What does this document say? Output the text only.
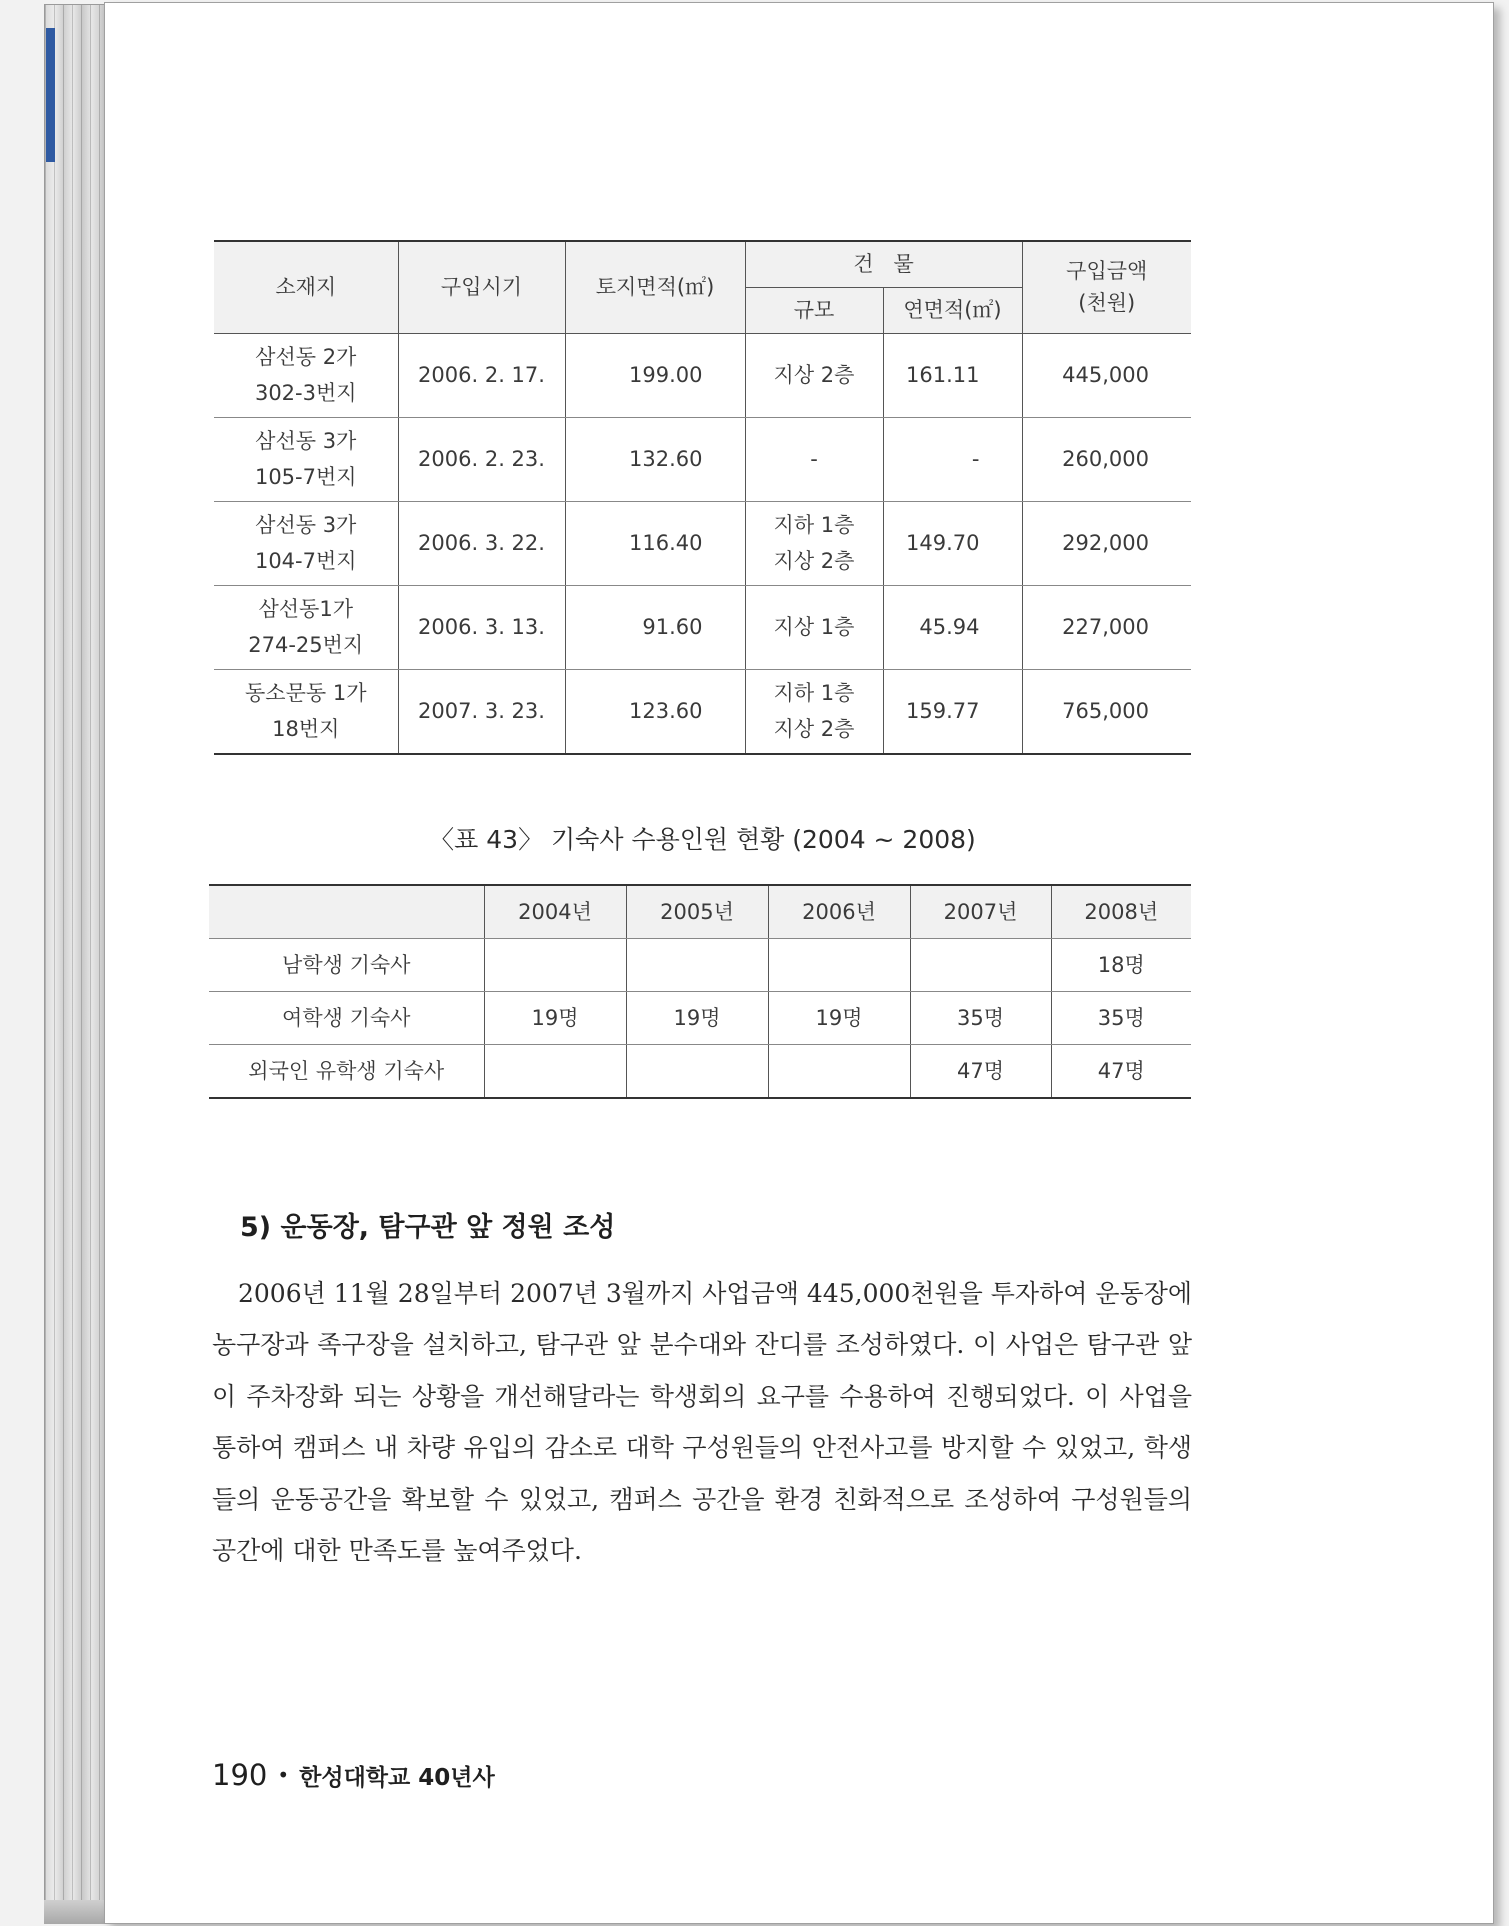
소재지	구입시기	토지면적(㎡)	건   물		구입금액
(천원)
			규모	연면적(㎡)	
삼선동 2가
302-3번지	2006. 2. 17.	199.00	지상 2층	161.11	445,000
삼선동 3가
105-7번지	2006. 2. 23.	132.60	-	-	260,000
삼선동 3가
104-7번지	2006. 3. 22.	116.40	지하 1층
지상 2층	149.70	292,000
삼선동1가
274-25번지	2006. 3. 13.	91.60	지상 1층	45.94	227,000
동소문동 1가
18번지	2007. 3. 23.	123.60	지하 1층
지상 2층	159.77	765,000
〈표 43〉 기숙사 수용인원 현황 (2004 ~ 2008)
	2004년	2005년	2006년	2007년	2008년
남학생 기숙사					18명
여학생 기숙사	19명	19명	19명	35명	35명
외국인 유학생 기숙사				47명	47명
5) 운동장, 탐구관 앞 정원 조성
2006년 11월 28일부터 2007년 3월까지 사업금액 445,000천원을 투자하여 운동장에 농구장과 족구장을 설치하고, 탐구관 앞 분수대와 잔디를 조성하였다. 이 사업은 탐구관 앞이 주차장화 되는 상황을 개선해달라는 학생회의 요구를 수용하여 진행되었다. 이 사업을 통하여 캠퍼스 내 차량 유입의 감소로 대학 구성원들의 안전사고를 방지할 수 있었고, 학생들의 운동공간을 확보할 수 있었고, 캠퍼스 공간을 환경 친화적으로 조성하여 구성원들의 공간에 대한 만족도를 높여주었다.
190 • 한성대학교 40년사
